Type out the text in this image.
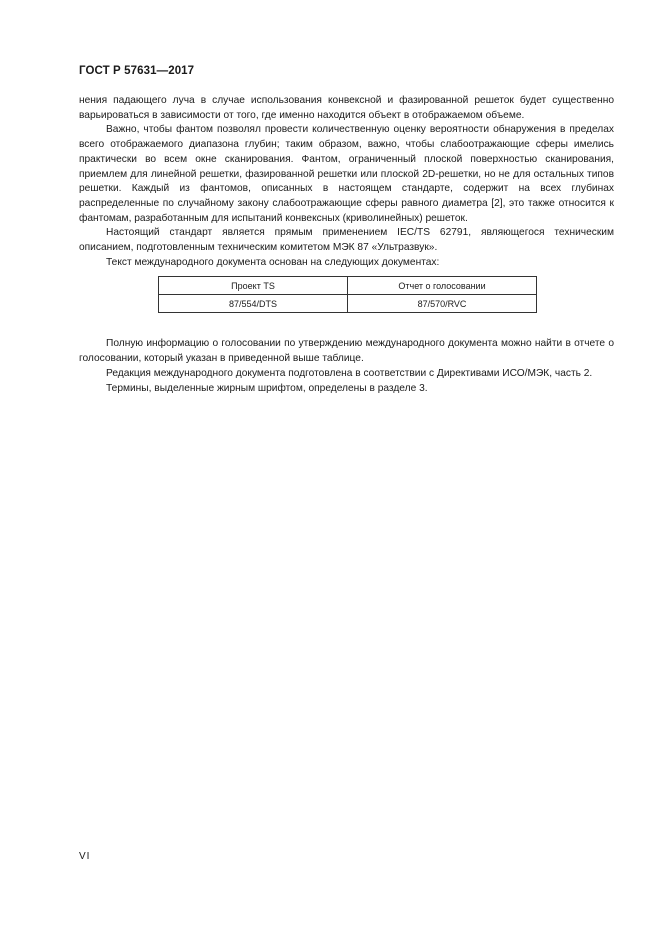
ГОСТ Р 57631—2017

нения падающего луча в случае использования конвексной и фазированной решеток будет существенно варьироваться в зависимости от того, где именно находится объект в отображаемом объеме.

Важно, чтобы фантом позволял провести количественную оценку вероятности обнаружения в пределах всего отображаемого диапазона глубин; таким образом, важно, чтобы слабоотражающие сферы имелись практически во всем окне сканирования. Фантом, ограниченный плоской поверхностью сканирования, приемлем для линейной решетки, фазированной решетки или плоской 2D-решетки, но не для остальных типов решетки. Каждый из фантомов, описанных в настоящем стандарте, содержит на всех глубинах распределенные по случайному закону слабоотражающие сферы равного диаметра [2], это также относится к фантомам, разработанным для испытаний конвексных (криволинейных) решеток.

Настоящий стандарт является прямым применением IEC/TS 62791, являющегося техническим описанием, подготовленным техническим комитетом МЭК 87 «Ультразвук».

Текст международного документа основан на следующих документах:

Проект TS	Отчет о голосовании
87/554/DTS	87/570/RVC

Полную информацию о голосовании по утверждению международного документа можно найти в отчете о голосовании, который указан в приведенной выше таблице.

Редакция международного документа подготовлена в соответствии с Директивами ИСО/МЭК, часть 2.

Термины, выделенные жирным шрифтом, определены в разделе 3.

VI
